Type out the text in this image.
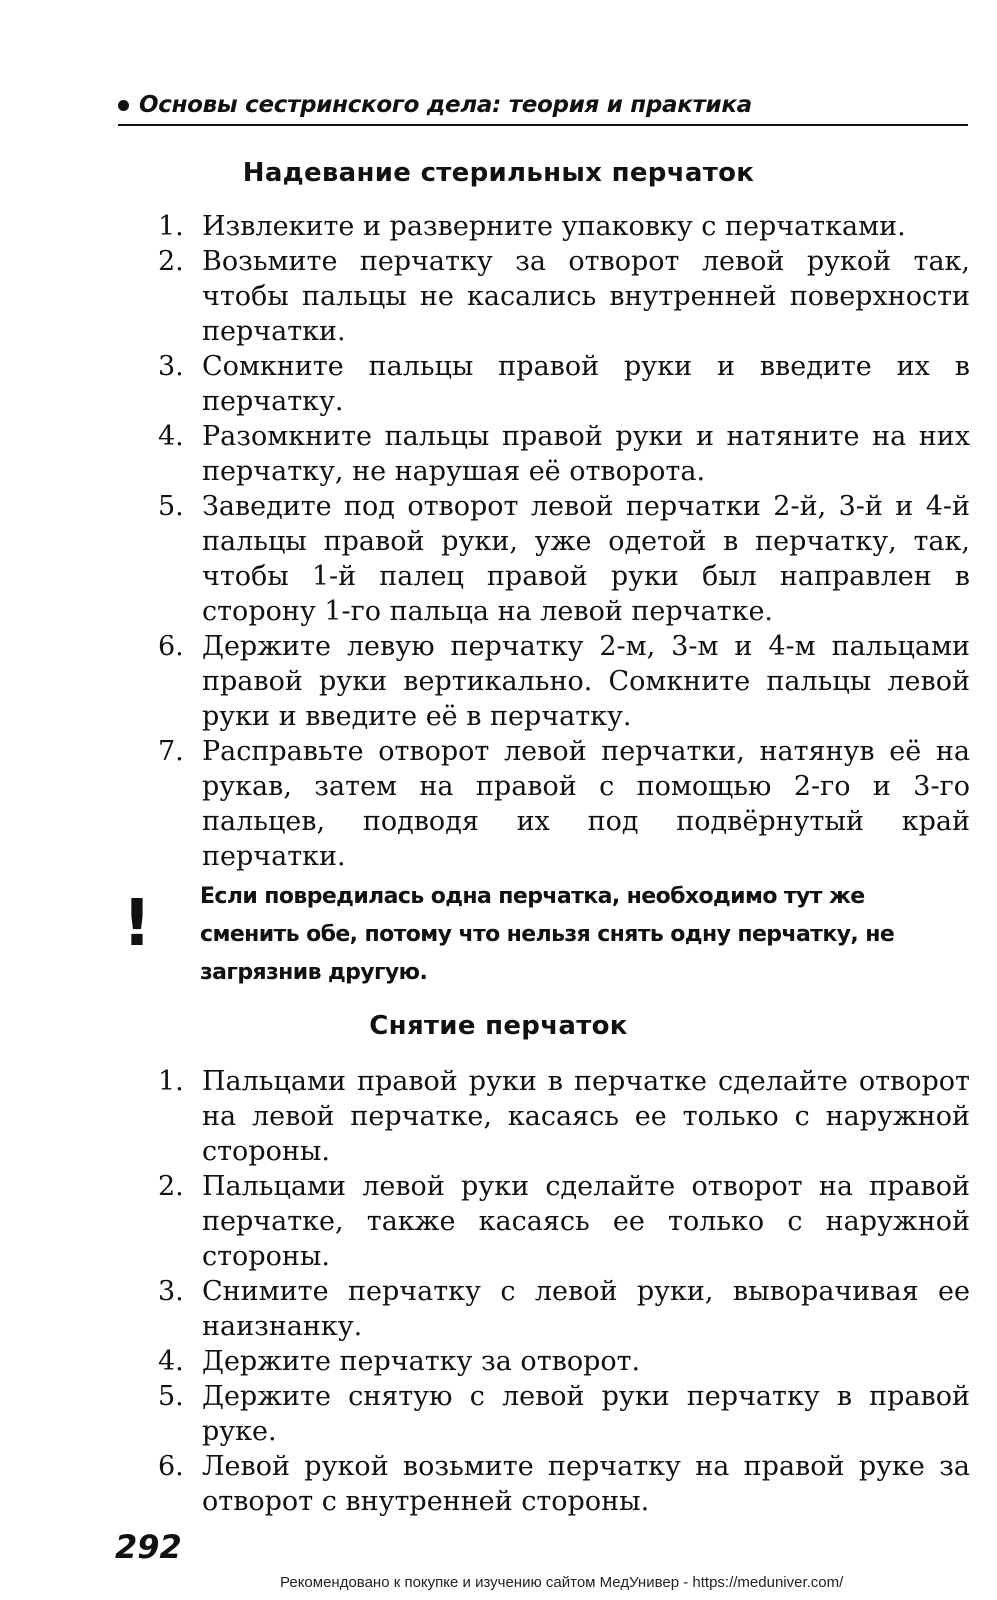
Основы сестринского дела: теория и практика
Надевание стерильных перчаток
1. Извлеките и разверните упаковку с перчатками.
2. Возьмите перчатку за отворот левой рукой так, чтобы пальцы не касались внутренней поверхности перчатки.
3. Сомкните пальцы правой руки и введите их в перчатку.
4. Разомкните пальцы правой руки и натяните на них перчатку, не нарушая её отворота.
5. Заведите под отворот левой перчатки 2-й, 3-й и 4-й пальцы правой руки, уже одетой в перчатку, так, чтобы 1-й палец правой руки был направлен в сторону 1-го пальца на левой перчатке.
6. Держите левую перчатку 2-м, 3-м и 4-м пальцами правой руки вертикально. Сомкните пальцы левой руки и введите её в перчатку.
7. Расправьте отворот левой перчатки, натянув её на рукав, затем на правой с помощью 2-го и 3-го пальцев, подводя их под подвёрнутый край перчатки.
!	Если повредилась одна перчатка, необходимо тут же сменить обе, потому что нельзя снять одну перчатку, не загрязнив другую.
Снятие перчаток
1. Пальцами правой руки в перчатке сделайте отворот на левой перчатке, касаясь ее только с наружной стороны.
2. Пальцами левой руки сделайте отворот на правой перчатке, также касаясь ее только с наружной стороны.
3. Снимите перчатку с левой руки, выворачивая ее наизнанку.
4. Держите перчатку за отворот.
5. Держите снятую с левой руки перчатку в правой руке.
6. Левой рукой возьмите перчатку на правой руке за отворот с внутренней стороны.
292
Рекомендовано к покупке и изучению сайтом МедУнивер - https://meduniver.com/
